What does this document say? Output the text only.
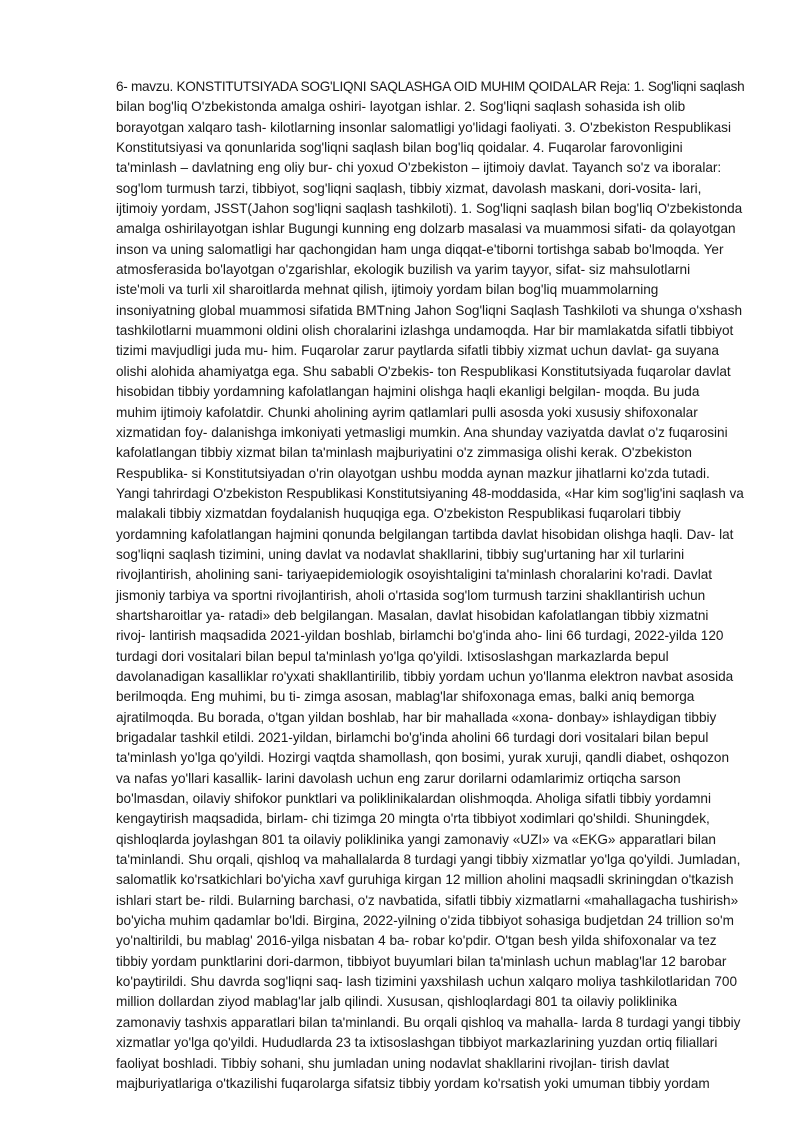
6- mavzu. KONSTITUTSIYADA SOG'LIQNI SAQLASHGA OID MUHIM QOIDALAR Reja: 1. Sog'liqni saqlash
bilan bog'liq O'zbekistonda amalga oshiri- layotgan ishlar. 2. Sog'liqni saqlash sohasida ish olib
borayotgan xalqaro tash- kilotlarning insonlar salomatligi yo'lidagi faoliyati. 3. O'zbekiston Respublikasi
Konstitutsiyasi va qonunlarida sog'liqni saqlash bilan bog'liq qoidalar. 4. Fuqarolar farovonligini
ta'minlash – davlatning eng oliy bur- chi yoxud O'zbekiston – ijtimoiy davlat. Tayanch so'z va iboralar:
sog'lom turmush tarzi, tibbiyot, sog'liqni saqlash, tibbiy xizmat, davolash maskani, dori-vosita- lari,
ijtimoiy yordam, JSST(Jahon sog'liqni saqlash tashkiloti). 1. Sog'liqni saqlash bilan bog'liq O'zbekistonda
amalga oshirilayotgan ishlar Bugungi kunning eng dolzarb masalasi va muammosi sifati- da qolayotgan
inson va uning salomatligi har qachongidan ham unga diqqat-e'tiborni tortishga sabab bo'lmoqda. Yer
atmosferasida bo'layotgan o'zgarishlar, ekologik buzilish va yarim tayyor, sifat- siz mahsulotlarni
iste'moli va turli xil sharoitlarda mehnat qilish, ijtimoiy yordam bilan bog'liq muammolarning
insoniyatning global muammosi sifatida BMTning Jahon Sog'liqni Saqlash Tashkiloti va shunga o'xshash
tashkilotlarni muammoni oldini olish choralarini izlashga undamoqda. Har bir mamlakatda sifatli tibbiyot
tizimi mavjudligi juda mu- him. Fuqarolar zarur paytlarda sifatli tibbiy xizmat uchun davlat- ga suyana
olishi alohida ahamiyatga ega. Shu sababli O'zbekis- ton Respublikasi Konstitutsiyada fuqarolar davlat
hisobidan tibbiy yordamning kafolatlangan hajmini olishga haqli ekanligi belgilan- moqda. Bu juda
muhim ijtimoiy kafolatdir. Chunki aholining ayrim qatlamlari pulli asosda yoki xususiy shifoxonalar
xizmatidan foy- dalanishga imkoniyati yetmasligi mumkin. Ana shunday vaziyatda davlat o'z fuqarosini
kafolatlangan tibbiy xizmat bilan ta'minlash majburiyatini o'z zimmasiga olishi kerak. O'zbekiston
Respublika- si Konstitutsiyadan o'rin olayotgan ushbu modda aynan mazkur jihatlarni ko'zda tutadi.
Yangi tahrirdagi O'zbekiston Respublikasi Konstitutsiyaning 48-moddasida, «Har kim sog'lig'ini saqlash va
malakali tibbiy xizmatdan foydalanish huquqiga ega. O'zbekiston Respublikasi fuqarolari tibbiy
yordamning kafolatlangan hajmini qonunda belgilangan tartibda davlat hisobidan olishga haqli. Dav- lat
sog'liqni saqlash tizimini, uning davlat va nodavlat shakllarini, tibbiy sug'urtaning har xil turlarini
rivojlantirish, aholining sani- tariyaepidemiologik osoyishtaligini ta'minlash choralarini ko'radi. Davlat
jismoniy tarbiya va sportni rivojlantirish, aholi o'rtasida sog'lom turmush tarzini shakllantirish uchun
shartsharoitlar ya- ratadi» deb belgilangan. Masalan, davlat hisobidan kafolatlangan tibbiy xizmatni
rivoj- lantirish maqsadida 2021-yildan boshlab, birlamchi bo'g'inda aho- lini 66 turdagi, 2022-yilda 120
turdagi dori vositalari bilan bepul ta'minlash yo'lga qo'yildi. Ixtisoslashgan markazlarda bepul
davolanadigan kasalliklar ro'yxati shakllantirilib, tibbiy yordam uchun yo'llanma elektron navbat asosida
berilmoqda. Eng muhimi, bu ti- zimga asosan, mablag'lar shifoxonaga emas, balki aniq bemorga
ajratilmoqda. Bu borada, o'tgan yildan boshlab, har bir mahallada «xona- donbay» ishlaydigan tibbiy
brigadalar tashkil etildi. 2021-yildan, birlamchi bo'g'inda aholini 66 turdagi dori vositalari bilan bepul
ta'minlash yo'lga qo'yildi. Hozirgi vaqtda shamollash, qon bosimi, yurak xuruji, qandli diabet, oshqozon
va nafas yo'llari kasallik- larini davolash uchun eng zarur dorilarni odamlarimiz ortiqcha sarson
bo'lmasdan, oilaviy shifokor punktlari va poliklinikalardan olishmoqda. Aholiga sifatli tibbiy yordamni
kengaytirish maqsadida, birlam- chi tizimga 20 mingta o'rta tibbiyot xodimlari qo'shildi. Shuningdek,
qishloqlarda joylashgan 801 ta oilaviy poliklinika yangi zamonaviy «UZI» va «EKG» apparatlari bilan
ta'minlandi. Shu orqali, qishloq va mahallalarda 8 turdagi yangi tibbiy xizmatlar yo'lga qo'yildi. Jumladan,
salomatlik ko'rsatkichlari bo'yicha xavf guruhiga kirgan 12 million aholini maqsadli skriningdan o'tkazish
ishlari start be- rildi. Bularning barchasi, o'z navbatida, sifatli tibbiy xizmatlarni «mahallagacha tushirish»
bo'yicha muhim qadamlar bo'ldi. Birgina, 2022-yilning o'zida tibbiyot sohasiga budjetdan 24 trillion so'm
yo'naltirildi, bu mablag' 2016-yilga nisbatan 4 ba- robar ko'pdir. O'tgan besh yilda shifoxonalar va tez
tibbiy yordam punktlarini dori-darmon, tibbiyot buyumlari bilan ta'minlash uchun mablag'lar 12 barobar
ko'paytirildi. Shu davrda sog'liqni saq- lash tizimini yaxshilash uchun xalqaro moliya tashkilotlaridan 700
million dollardan ziyod mablag'lar jalb qilindi. Xususan, qishloqlardagi 801 ta oilaviy poliklinika
zamonaviy tashxis apparatlari bilan ta'minlandi. Bu orqali qishloq va mahalla- larda 8 turdagi yangi tibbiy
xizmatlar yo'lga qo'yildi. Hududlarda 23 ta ixtisoslashgan tibbiyot markazlarining yuzdan ortiq filiallari
faoliyat boshladi. Tibbiy sohani, shu jumladan uning nodavlat shakllarini rivojlan- tirish davlat
majburiyatlariga o'tkazilishi fuqarolarga sifatsiz tibbiy yordam ko'rsatish yoki umuman tibbiy yordam
